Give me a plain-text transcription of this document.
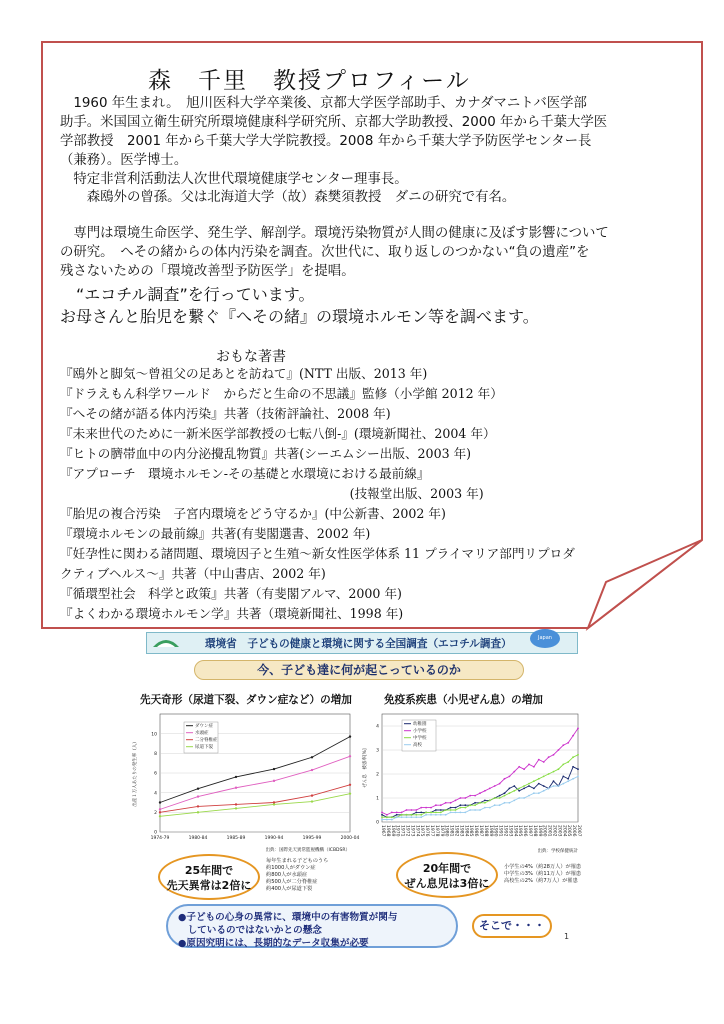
森　千里　教授プロフィール
　1960 年生まれ。　旭川医科大学卒業後、京都大学医学部助手、カナダマニトバ医学部
助手。米国国立衛生研究所環境健康科学研究所、京都大学助教授、2000 年から千葉大学医
学部教授　2001 年から千葉大学大学院教授。2008 年から千葉大学予防医学センター長
（兼務）。医学博士。
　特定非営利活動法人次世代環境健康学センター理事長。
　　森鴎外の曾孫。父は北海道大学（故）森樊須教授　ダニの研究で有名。
　専門は環境生命医学、発生学、解剖学。環境汚染物質が人間の健康に及ぼす影響について
の研究。　へその緒からの体内汚染を調査。次世代に、取り返しのつかない“負の遺産”を
残さないための「環境改善型予防医学」を提唱。
　“エコチル調査”を行っています。
お母さんと胎児を繋ぐ『へその緒』の環境ホルモン等を調べます。
おもな著書
『鴎外と脚気～曾祖父の足あとを訪ねて』(NTT 出版、2013 年)
『ドラえもん科学ワールド　からだと生命の不思議』監修（小学館 2012 年）
『へその緒が語る体内汚染』共著（技術評論社、2008 年)
『未来世代のために一新米医学部教授の七転八倒-』(環境新聞社、2004 年）
『ヒトの臍帯血中の内分泌攪乱物質』共著(シーエムシー出版、2003 年)
『アプローチ　環境ホルモン-その基礎と水環境における最前線』
　　　　　　　　　　　　　　　　　　　　　　　(技報堂出版、2003 年)
『胎児の複合汚染　子宮内環境をどう守るか』(中公新書、2002 年)
『環境ホルモンの最前線』共著(有斐閣選書、2002 年)
『妊孕性に関わる諸問題、環境因子と生殖～新女性医学体系 11 プライマリア部門リプロダ
クティブヘルス～』共著（中山書店、2002 年)
『循環型社会　科学と政策』共著（有斐閣アルマ、2000 年)
『よくわかる環境ホルモン学』共著（環境新聞社、1998 年)
環境省　子どもの健康と環境に関する全国調査（エコチル調査）	Japan Environment and Children's
今、子ども達に何が起こっているのか
先天奇形（尿道下裂、ダウン症など）の増加	免疫系疾患（小児ぜん息）の増加
0
2
4
6
8
10
1974-79	1980-84	1985-89	1990-94	1995-99	2000-04
出産１万人あたりの発生率（人）
ダウン症
水頭症
二分脊椎症
尿道下裂
出典：国際先天異常監視機構（ICBDSR）
0
1
2
3
4
1967 1968 1969 1970 1971 1972 1973 1974 1975 1976 1977 1978 1979 1980 1981 1982 1983 1984 1985 1986 1987 1988 1989 1990 1991 1992 1993 1994 1995 1996 1997 1998 1999 2000 2001 2002 2003 2004 2005 2006 2007
ぜん息　被患率[%]
幼稚園
小学校
中学校
高校
出典：学校保健統計
25年間で
先天異常は2倍に
毎年生まれる子どものうち
約1000人がダウン症
約800人が水頭症
約500人が二分脊椎症
約400人が尿道下裂
20年間で
ぜん息児は3倍に
小学生の4%（約28万人）が罹患
中学生の3%（約11万人）が罹患
高校生の2%（約7万人）が罹患
●子どもの心身の異常に、環境中の有害物質が関与
　しているのではないかとの懸念
●原因究明には、長期的なデータ収集が必要
そこで・・・
1
